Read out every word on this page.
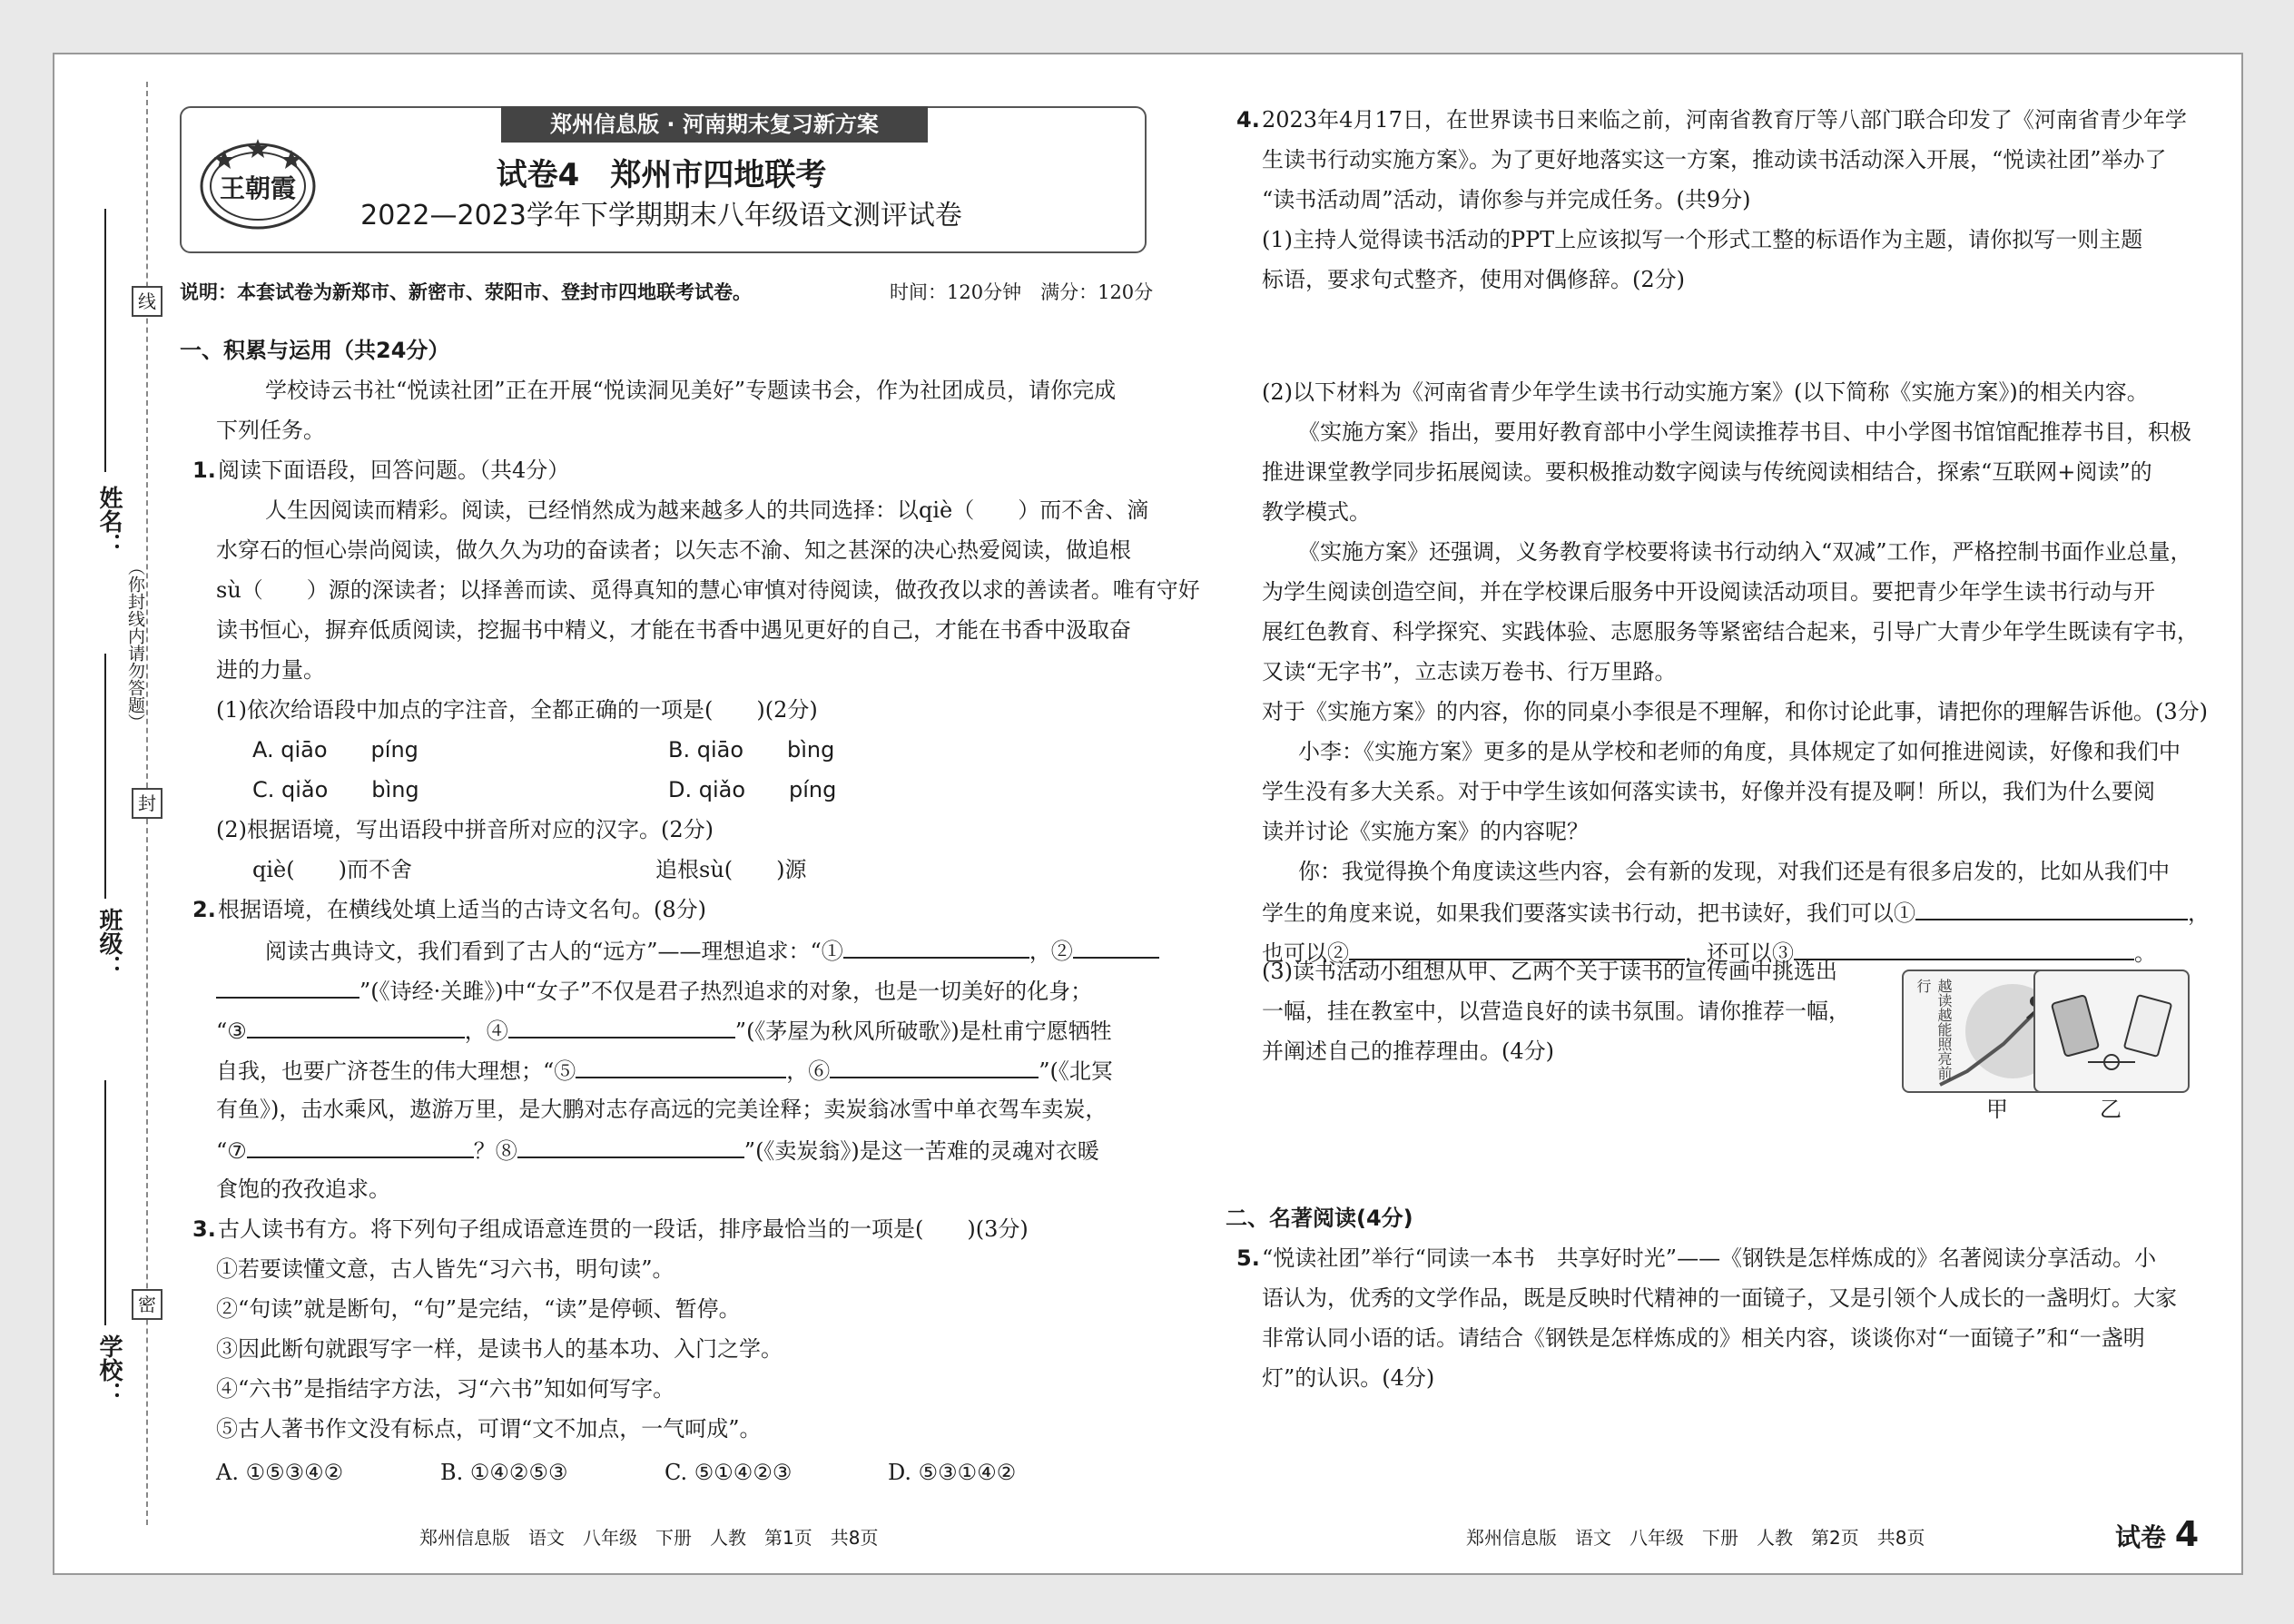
线
封
密
姓名：
班级：
学校：
（你封线内请勿答题）
郑州信息版 · 河南期末复习新方案
王朝霞	试卷4　郑州市四地联考
2022—2023学年下学期期末八年级语文测评试卷
说明：本套试卷为新郑市、新密市、荥阳市、登封市四地联考试卷。	时间：120分钟　满分：120分
一、积累与运用（共24分）
学校诗云书社“悦读社团”正在开展“悦读洞见美好”专题读书会，作为社团成员，请你完成
下列任务。
1. 阅读下面语段，回答问题。（共4分）
人生因阅读而精彩。阅读，已经悄然成为越来越多人的共同选择：以qiè（　　）而不舍、滴
水穿石的恒心崇尚阅读，做久久为功的奋读者；以矢志不渝、知之甚深的决心热爱阅读，做追根
sù（　　）源的深读者；以择善而读、觅得真知的慧心审慎对待阅读，做孜孜以求的善读者。唯有守好
读书恒心，摒弃低质阅读，挖掘书中精义，才能在书香中遇见更好的自己，才能在书香中汲取奋
进的力量。
(1)依次给语段中加点的字注音，全都正确的一项是(　　)(2分)
A. qiāo　　píng	B. qiāo　　bìng
C. qiǎo　　bìng	D. qiǎo　　píng
(2)根据语境，写出语段中拼音所对应的汉字。(2分)
qiè(　　)而不舍	追根sù(　　)源
2. 根据语境，在横线处填上适当的古诗文名句。(8分)
阅读古典诗文，我们看到了古人的“远方”——理想追求：“①	，②
”(《诗经·关雎》)中“女子”不仅是君子热烈追求的对象，也是一切美好的化身；
“③	，④	”(《茅屋为秋风所破歌》)是杜甫宁愿牺牲
自我，也要广济苍生的伟大理想；“⑤	，⑥	”(《北冥
有鱼》)，击水乘风，遨游万里，是大鹏对志存高远的完美诠释；卖炭翁冰雪中单衣驾车卖炭，
“⑦	？⑧	”(《卖炭翁》)是这一苦难的灵魂对衣暖
食饱的孜孜追求。
3. 古人读书有方。将下列句子组成语意连贯的一段话，排序最恰当的一项是(　　)(3分)
①若要读懂文意，古人皆先“习六书，明句读”。
②“句读”就是断句，“句”是完结，“读”是停顿、暂停。
③因此断句就跟写字一样，是读书人的基本功、入门之学。
④“六书”是指结字方法，习“六书”知如何写字。
⑤古人著书作文没有标点，可谓“文不加点，一气呵成”。
A. ①⑤③④②	B. ①④②⑤③	C. ⑤①④②③	D. ⑤③①④②
4. 2023年4月17日，在世界读书日来临之前，河南省教育厅等八部门联合印发了《河南省青少年学
生读书行动实施方案》。为了更好地落实这一方案，推动读书活动深入开展，“悦读社团”举办了
“读书活动周”活动，请你参与并完成任务。(共9分)
(1)主持人觉得读书活动的PPT上应该拟写一个形式工整的标语作为主题，请你拟写一则主题
标语，要求句式整齐，使用对偶修辞。(2分)
(2)以下材料为《河南省青少年学生读书行动实施方案》(以下简称《实施方案》)的相关内容。
《实施方案》指出，要用好教育部中小学生阅读推荐书目、中小学图书馆馆配推荐书目，积极
推进课堂教学同步拓展阅读。要积极推动数字阅读与传统阅读相结合，探索“互联网+阅读”的
教学模式。
《实施方案》还强调，义务教育学校要将读书行动纳入“双减”工作，严格控制书面作业总量，
为学生阅读创造空间，并在学校课后服务中开设阅读活动项目。要把青少年学生读书行动与开
展红色教育、科学探究、实践体验、志愿服务等紧密结合起来，引导广大青少年学生既读有字书，
又读“无字书”，立志读万卷书、行万里路。
对于《实施方案》的内容，你的同桌小李很是不理解，和你讨论此事，请把你的理解告诉他。(3分)
小李：《实施方案》更多的是从学校和老师的角度，具体规定了如何推进阅读，好像和我们中
学生没有多大关系。对于中学生该如何落实读书，好像并没有提及啊！所以，我们为什么要阅
读并讨论《实施方案》的内容呢？
你：我觉得换个角度读这些内容，会有新的发现，对我们还是有很多启发的，比如从我们中
学生的角度来说，如果我们要落实读书行动，把书读好，我们可以①	，
也可以②	，还可以③	。
(3)读书活动小组想从甲、乙两个关于读书的宣传画中挑选出
一幅，挂在教室中，以营造良好的读书氛围。请你推荐一幅，
并阐述自己的推荐理由。(4分)	越读越能照亮前行
甲	乙
二、名著阅读(4分)
5. “悦读社团”举行“同读一本书　共享好时光”——《钢铁是怎样炼成的》名著阅读分享活动。小
语认为，优秀的文学作品，既是反映时代精神的一面镜子，又是引领个人成长的一盏明灯。大家
非常认同小语的话。请结合《钢铁是怎样炼成的》相关内容，谈谈你对“一面镜子”和“一盏明
灯”的认识。(4分)
郑州信息版　语文　八年级　下册　人教　第1页　共8页	郑州信息版　语文　八年级　下册　人教　第2页　共8页	试卷 4
